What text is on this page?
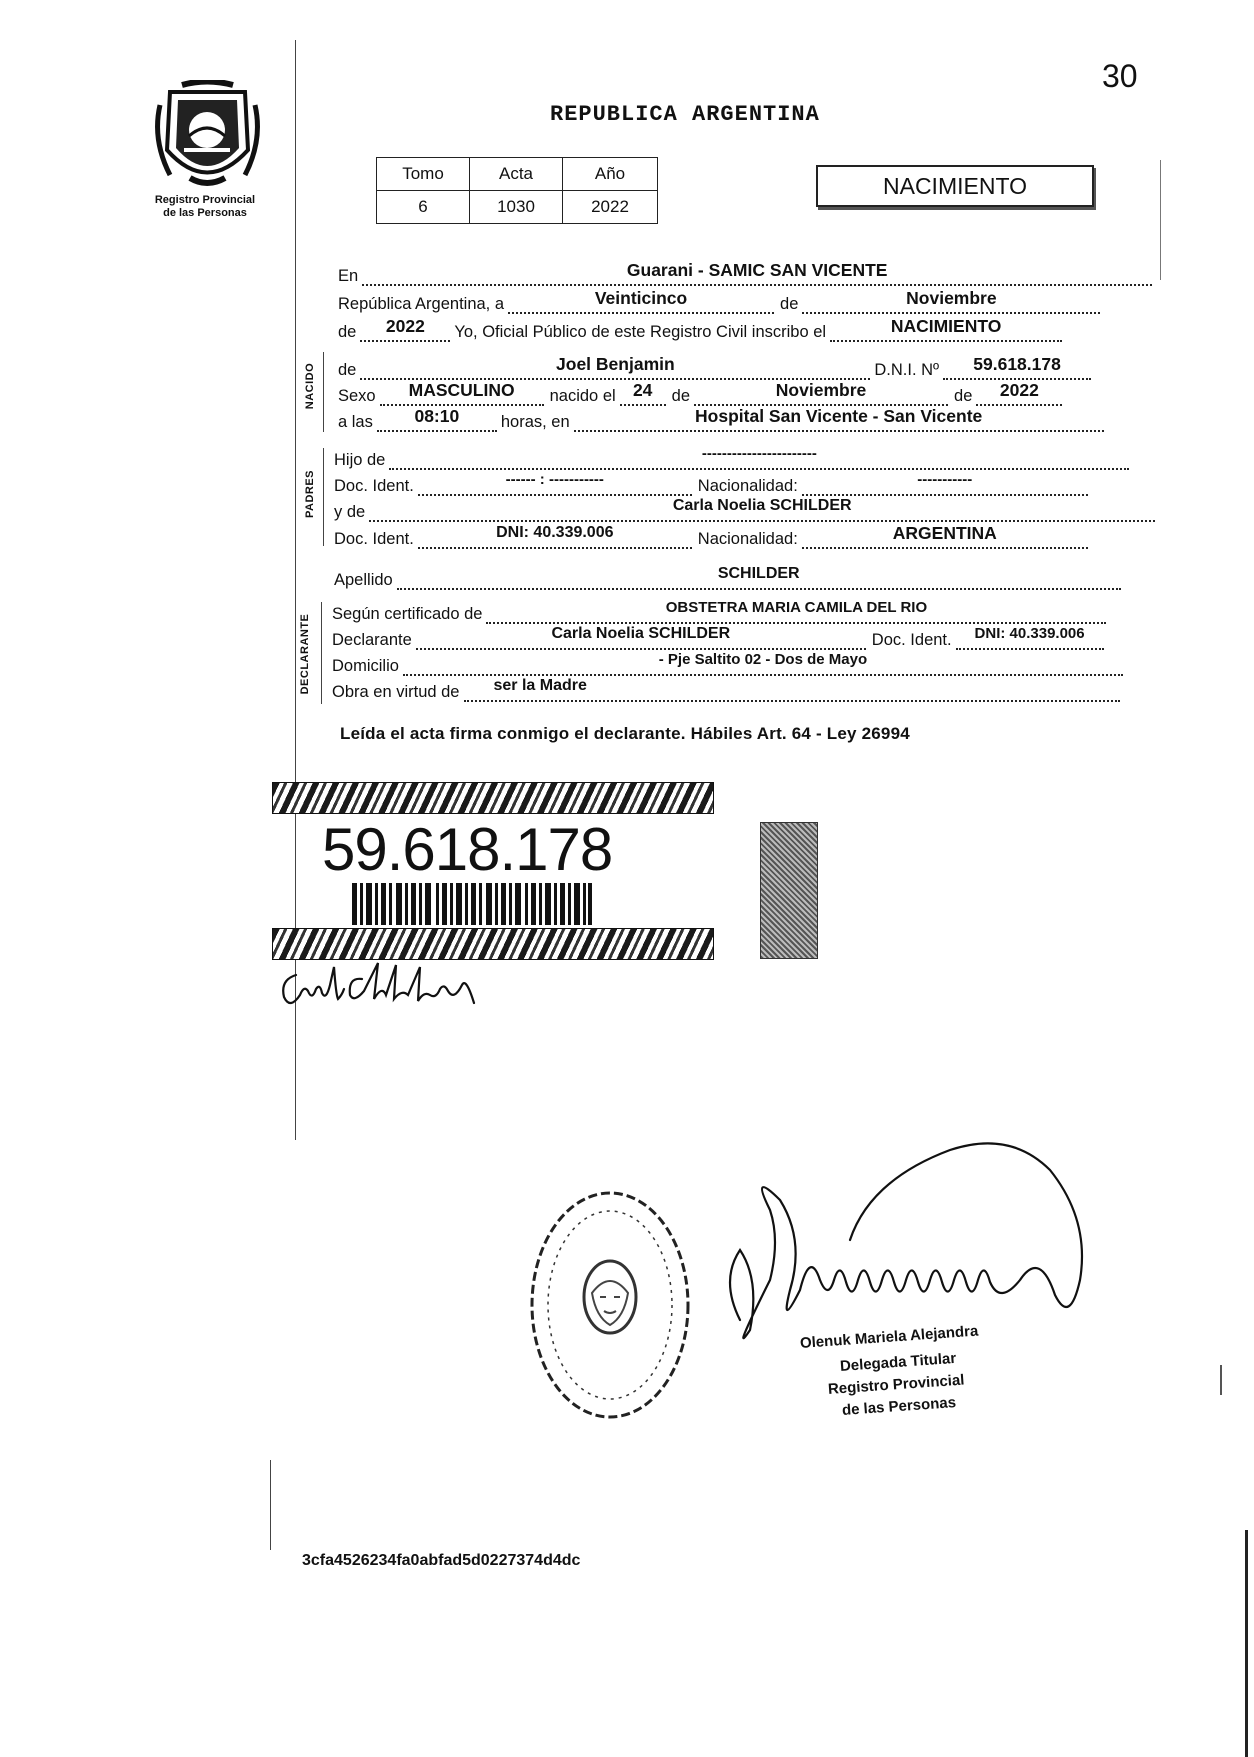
30
Registro Provincial
de las Personas
REPUBLICA ARGENTINA
Tomo	Acta	Año
6	1030	2022
NACIMIENTO
En	Guarani - SAMIC SAN VICENTE
República Argentina, a	Veinticinco	de	Noviembre
de	2022	Yo, Oficial Público de este Registro Civil inscribo el	NACIMIENTO
NACIDO de	Joel Benjamin	D.N.I. Nº	59.618.178
Sexo	MASCULINO	nacido el 24	de	Noviembre	de	2022
a las	08:10	horas, en	Hospital San Vicente - San Vicente
PADRES
Hijo de	-----------------------
Doc. Ident.	------ : -----------	Nacionalidad:	-----------
y de	Carla Noelia SCHILDER
Doc. Ident.	DNI: 40.339.006	Nacionalidad:	ARGENTINA
Apellido	SCHILDER
DECLARANTE Según certificado de	OBSTETRA MARIA CAMILA DEL RIO
Declarante	Carla Noelia SCHILDER	Doc. Ident.	DNI: 40.339.006
Domicilio	- Pje Saltito 02 - Dos de Mayo
Obra en virtud de	ser la Madre
Leída el acta firma conmigo el declarante. Hábiles Art. 64 - Ley 26994
59.618.178
Olenuk Mariela Alejandra
Delegada Titular
Registro Provincial
de las Personas
3cfa4526234fa0abfad5d0227374d4dc
